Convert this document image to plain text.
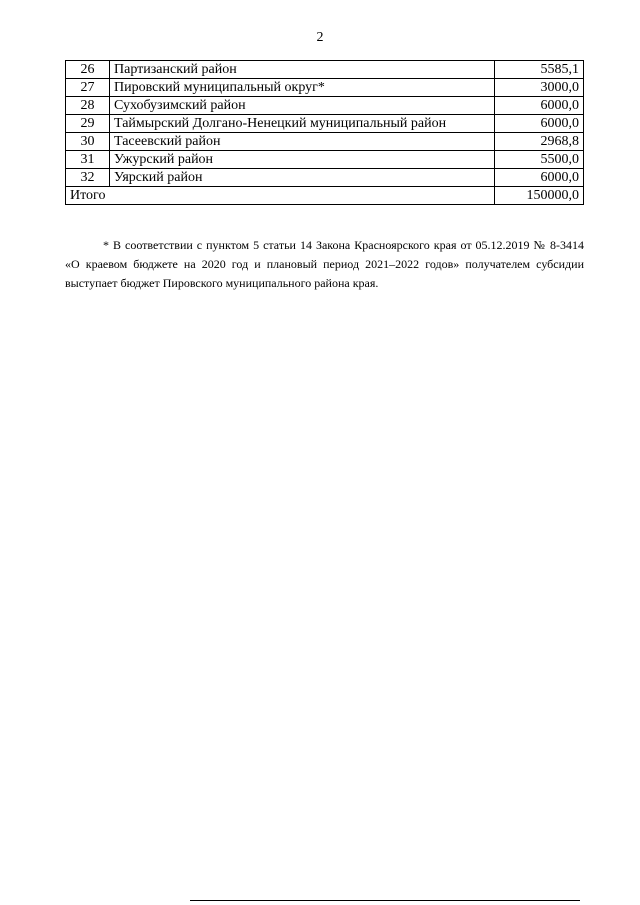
2
26	Партизанский район	5585,1
27	Пировский муниципальный округ*	3000,0
28	Сухобузимский район	6000,0
29	Таймырский Долгано-Ненецкий муниципальный район	6000,0
30	Тасеевский район	2968,8
31	Ужурский район	5500,0
32	Уярский район	6000,0
Итого		150000,0

* В соответствии с пунктом 5 статьи 14 Закона Красноярского края от 05.12.2019 № 8-3414 «О краевом бюджете на 2020 год и плановый период 2021–2022 годов» получателем субсидии выступает бюджет Пировского муниципального района края.
